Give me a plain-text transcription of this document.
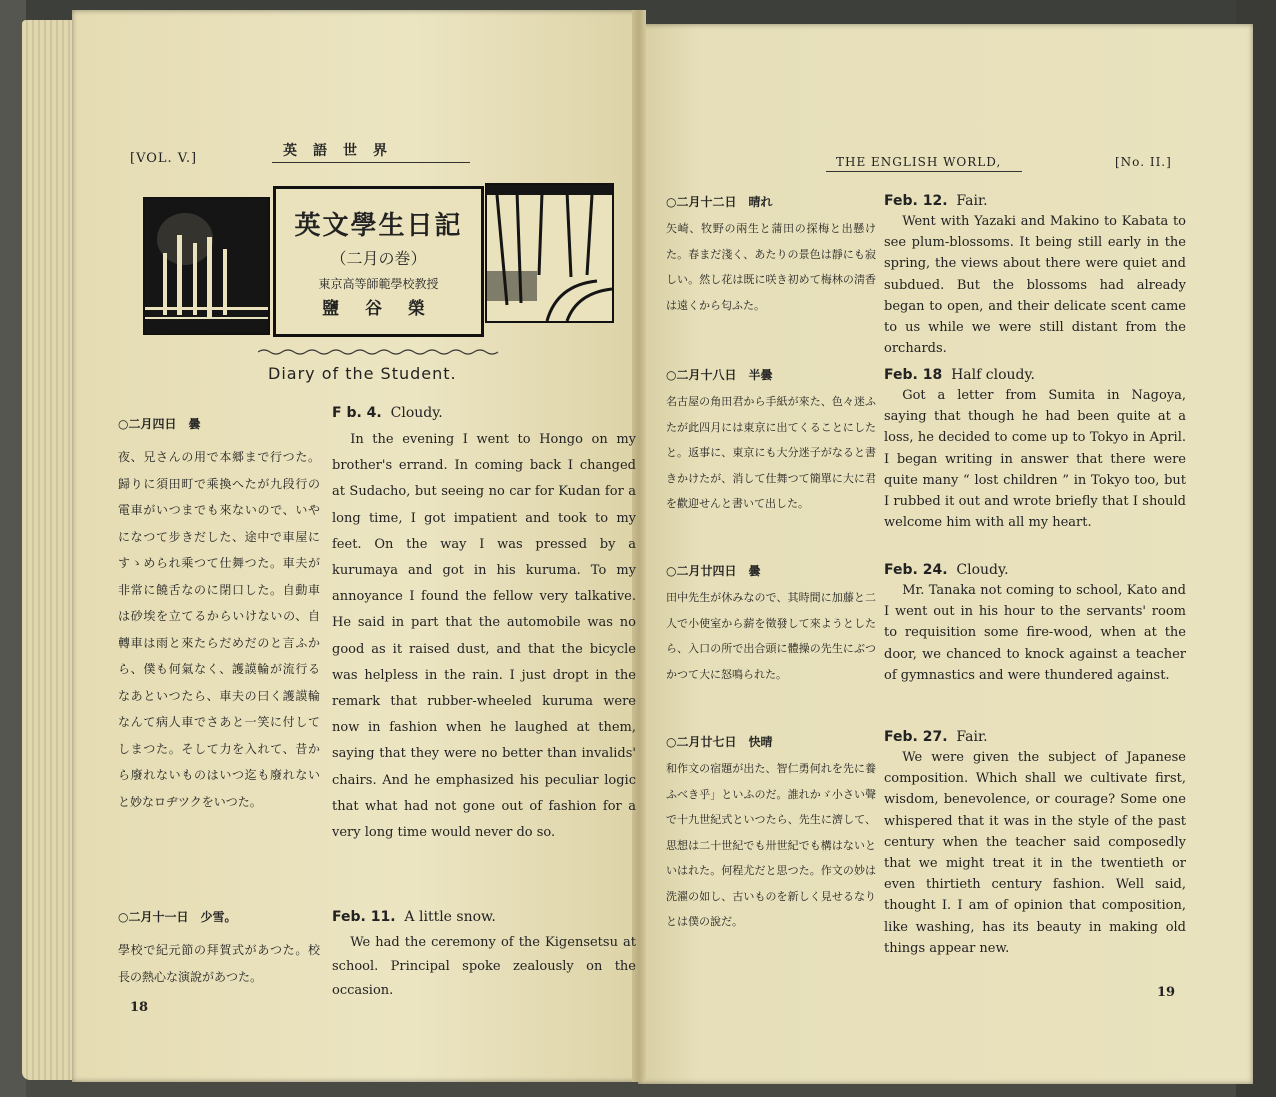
[VOL. V.]	英　語　世　界
英文學生日記
（二月の巻）
東京高等師範學校教授
鹽 谷 榮
Diary of the Student.
○二月四日　曇
夜、兄さんの用で本郷まで行つた。歸りに須田町で乘換へたが九段行の電車がいつまでも來ないので、いやになつて步きだした、途中で車屋にすゝめられ乘つて仕舞つた。車夫が非常に饒舌なのに閉口した。自動車は砂埃を立てるからいけないの、自轉車は雨と來たらだめだのと言ふから、僕も何氣なく、護謨輪が流行るなあといつたら、車夫の曰く護謨輪なんて病人車でさあと一笑に付してしまつた。そして力を入れて、昔から廢れないものはいつ迄も廢れないと妙なロヂツクをいつた。
○二月十一日　少雪。
學校で紀元節の拜賀式があつた。校長の熱心な演說があつた。
F b. 4. Cloudy.
In the evening I went to Hongo on my brother's errand. In coming back I changed at Sudacho, but seeing no car for Kudan for a long time, I got impatient and took to my feet. On the way I was pressed by a kurumaya and got in his kuruma. To my annoyance I found the fellow very talkative. He said in part that the automobile was no good as it raised dust, and that the bicycle was helpless in the rain. I just dropt in the remark that rubber-wheeled kuruma were now in fashion when he laughed at them, saying that they were no better than invalids' chairs. And he emphasized his peculiar logic that what had not gone out of fashion for a very long time would never do so.
Feb. 11. A little snow.
We had the ceremony of the Kigensetsu at school. Principal spoke zealously on the occasion.
18
THE ENGLISH WORLD,	[No. II.]
○二月十二日　晴れ
矢崎、牧野の兩生と蒲田の探梅と出懸けた。春まだ淺く、あたりの景色は靜にも寂しい。然し花は既に咲き初めて梅林の淸香は遠くから匂ふた。
○二月十八日　半曇
名古屋の角田君から手紙が來た、色々迷ふたが此四月には東京に出てくることにしたと。返事に、東京にも大分迷子がなると書きかけたが、消して仕舞つて簡單に大に君を歡迎せんと書いて出した。
○二月廿四日　曇
田中先生が休みなので、其時間に加藤と二人で小使室から薪を徵發して來ようとしたら、入口の所で出合頭に體操の先生にぶつかつて大に怒鳴られた。
○二月廿七日　快晴
和作文の宿題が出た、智仁勇何れを先に養ふべき乎」といふのだ。誰れかゞ小さい聲で十九世紀式といつたら、先生に濟して、思想は二十世紀でも卅世紀でも構はないといはれた。何程尤だと思つた。作文の妙は洗濯の如し、古いものを新しく見せるなりとは僕の說だ。
Feb. 12. Fair.
Went with Yazaki and Makino to Kabata to see plum-blossoms. It being still early in the spring, the views about there were quiet and subdued. But the blossoms had already began to open, and their delicate scent came to us while we were still distant from the orchards.
Feb. 18 Half cloudy.
Got a letter from Sumita in Nagoya, saying that though he had been quite at a loss, he decided to come up to Tokyo in April. I began writing in answer that there were quite many “ lost children ” in Tokyo too, but I rubbed it out and wrote briefly that I should welcome him with all my heart.
Feb. 24. Cloudy.
Mr. Tanaka not coming to school, Kato and I went out in his hour to the servants' room to requisition some fire-wood, when at the door, we chanced to knock against a teacher of gymnastics and were thundered against.
Feb. 27. Fair.
We were given the subject of Japanese composition. Which shall we cultivate first, wisdom, benevolence, or courage? Some one whispered that it was in the style of the past century when the teacher said composedly that we might treat it in the twentieth or even thirtieth century fashion. Well said, thought I. I am of opinion that composition, like washing, has its beauty in making old things appear new.
19
